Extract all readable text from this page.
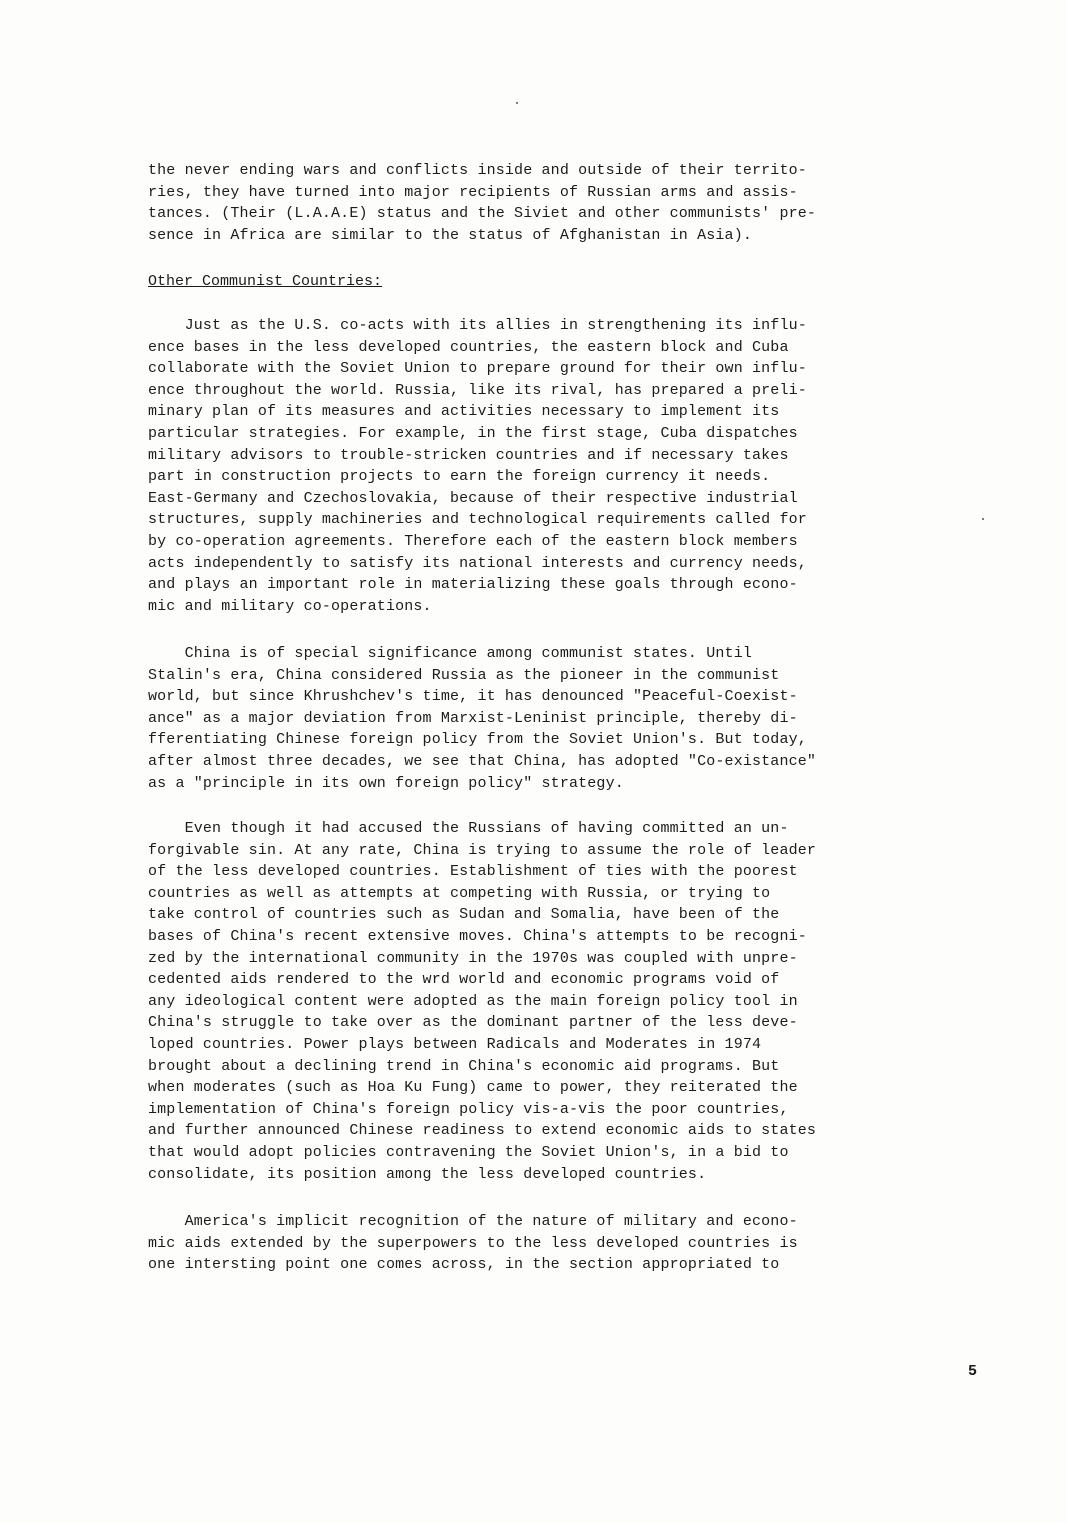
the never ending wars and conflicts inside and outside of their territo-
ries, they have turned into major recipients of Russian arms and assis-
tances. (Their (L.A.A.E) status and the Siviet and other communists' pre-
sence in Africa are similar to the status of Afghanistan in Asia).
Other Communist Countries:
Just as the U.S. co-acts with its allies in strengthening its influ-
ence bases in the less developed countries, the eastern block and Cuba
collaborate with the Soviet Union to prepare ground for their own influ-
ence throughout the world. Russia, like its rival, has prepared a preli-
minary plan of its measures and activities necessary to implement its
particular strategies. For example, in the first stage, Cuba dispatches
military advisors to trouble-stricken countries and if necessary takes
part in construction projects to earn the foreign currency it needs.
East-Germany and Czechoslovakia, because of their respective industrial
structures, supply machineries and technological requirements called for
by co-operation agreements. Therefore each of the eastern block members
acts independently to satisfy its national interests and currency needs,
and plays an important role in materializing these goals through econo-
mic and military co-operations.
China is of special significance among communist states. Until
Stalin's era, China considered Russia as the pioneer in the communist
world, but since Khrushchev's time, it has denounced "Peaceful-Coexist-
ance" as a major deviation from Marxist-Leninist principle, thereby di-
fferentiating Chinese foreign policy from the Soviet Union's. But today,
after almost three decades, we see that China, has adopted "Co-existance"
as a "principle in its own foreign policy" strategy.
Even though it had accused the Russians of having committed an un-
forgivable sin. At any rate, China is trying to assume the role of leader
of the less developed countries. Establishment of ties with the poorest
countries as well as attempts at competing with Russia, or trying to
take control of countries such as Sudan and Somalia, have been of the
bases of China's recent extensive moves. China's attempts to be recogni-
zed by the international community in the 1970s was coupled with unpre-
cedented aids rendered to the wrd world and economic programs void of
any ideological content were adopted as the main foreign policy tool in
China's struggle to take over as the dominant partner of the less deve-
loped countries. Power plays between Radicals and Moderates in 1974
brought about a declining trend in China's economic aid programs. But
when moderates (such as Hoa Ku Fung) came to power, they reiterated the
implementation of China's foreign policy vis-a-vis the poor countries,
and further announced Chinese readiness to extend economic aids to states
that would adopt policies contravening the Soviet Union's, in a bid to
consolidate, its position among the less developed countries.
America's implicit recognition of the nature of military and econo-
mic aids extended by the superpowers to the less developed countries is
one intersting point one comes across, in the section appropriated to
5
